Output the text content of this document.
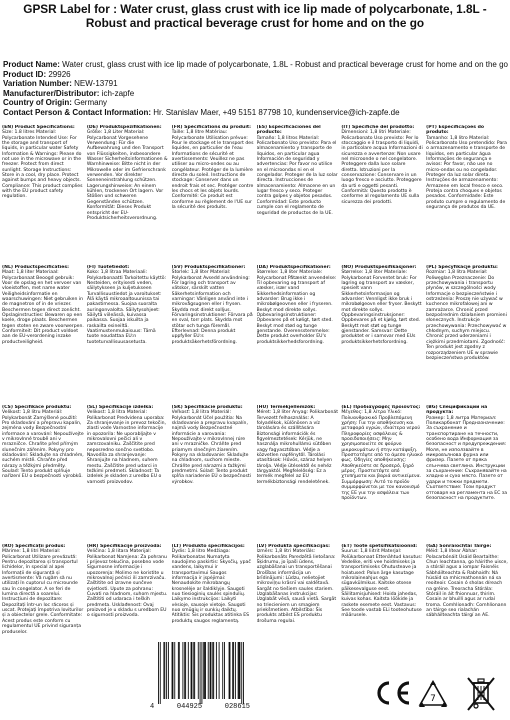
GPSR Label for : Water crust, glass crust with ice lip made of polycarbonate, 1.8L - Robust and practical beverage crust for home and on the go
Product Name: Water crust, glass crust with ice lip made of polycarbonate, 1.8L - Robust and practical beverage crust for home and on the go
Product ID: 29926
Variation Number: NEW-13791
Manufacturer/Distributor: ich-zapfe
Country of Origin: Germany
Contact Person & Contact Information: Hr. Stanislav Maer, +49 5151 87798 10, kundenservice@ich-zapfe.de
(EN) Product Specifications:
Size: 1.8 litres Material: Polycarbonate Intended Use: For the storage and transport of liquids, in particular water Safety Information & Warnings: Please do not use in the microwave or in the freezer. Protect from direct sunlight. Storage Instructions: Store in a cool, dry place. Protect against bumps and heavy objects. Compliance: This product complies with the EU product safety regulation.
(DE) Produktspezifikationen:
Größe: 1,8 Liter Material: Polycarbonat Vorgesehene Verwendung: Für die Aufbewahrung und den Transport von Flüssigkeiten, insbesondere Wasser Sicherheitsinformationen & Warnhinweise: Bitte nicht in der Mikrowelle oder im Gefrierschrank verwenden. Vor direkter Sonneneinstrahlung schützen. Lagerungshinweise: An einem kühlen, trockenen Ort lagern. Vor Stößen und schweren Gegenständen schützen. Konformität: Dieses Produkt entspricht der EU-Produktsicherheitsverordnung.
(FR) Spécifications du produit:
Taille: 1,8 litre Matériau: Polycarbonate Utilisation prévue: Pour le stockage et le transport des liquides, en particulier de l'eau Informations de sécurité et avertissements: Veuillez ne pas utiliser au micro-ondes ou au congélateur. Protéger de la lumière directe du soleil. Instructions de stockage: Conserver dans un endroit frais et sec. Protéger contre les chocs et les objets lourds. Conformité: Ce produit est conforme au règlement de l'UE sur la sécurité des produits.
(ES) Especificaciones del producto:
Tamaño: 1,8 litros Material: Policarbonato Uso previsto: Para el almacenamiento y transporte de líquidos, en particular agua Información de seguridad y advertencias: Por favor no utilice en el microondas ni en el congelador. Proteger de la luz solar directa. Instrucciones de almacenamiento: Almacene en un lugar fresco y seco. Proteger contra golpes y objetos pesados. Conformidad: Este producto cumple con el reglamento de seguridad de productos de la UE.
(IT) Specifiche del prodotto:
Dimensioni: 1,8 litri Materiale: Policarbonato Uso previsto: Per lo stoccaggio e il trasporto di liquidi, in particolare acqua Informazioni di sicurezza e avvertenze: Non usare nel microonde o nel congelatore. Proteggere dalla luce solare diretta. Istruzioni per la conservazione: Conservare in un luogo fresco e asciutto. Proteggere da urti e oggetti pesanti. Conformità: Questo prodotto è conforme al regolamento UE sulla sicurezza dei prodotti.
(PT) Especificações do produto:
Tamanho: 1,8 litro Material: Policarbonato Uso pretendido: Para o armazenamento e transporte de líquidos, em particular água Informações de segurança e avisos: Por favor, não use no micro-ondas ou no congelador. Proteger da luz solar direta. Instruções de armazenamento: Armazene em local fresco e seco. Proteja contra choques e objetos pesados. Conformidade: Este produto cumpre o regulamento de segurança de produtos da UE.
(NL) Productspecificaties:
Maat: 1,8 liter Materiaal: Polycarbonaat Beoogd gebruik: Voor de opslag en het vervoer van vloeistoffen, met name water Veiligheidsinformatie en waarschuwingen: Niet gebruiken in de magnetron of in de vriezer. Beschermen tegen direct zonlicht. Opslaginstructies: Bewaren op een koele, droge plaats. Beschermen tegen stoten en zware voorwerpen. Conformiteit: Dit product voldoet aan de EU-verordening inzake productveiligheid.
(FI) Tuotetiedot:
Koko: 1,8 litraa Materiaali: Polykarbonaatti Tarkoitettu käyttö: Nesteiden, erityisesti veden, säilytykseen ja kuljetukseen Turvallisuustiedot ja varoitukset: Älä käytä mikroaaltouunissa tai pakastimessa. Suojaa suoralta auringonvalolta. Säilytysohjeet: Säilytä viileässä, kuivassa paikassa. Suojaa iskuilta ja raskailta esineiltä. Vaatimustenmukaisuus: Tämä tuote noudattaa EU:n tuoteturvallisuusasetusta.
(SV) Produktspecifikationer:
Storlek: 1,8 liter Material: Polykarbonat Avsedd användning: För lagring och transport av vätskor, särskilt vatten Säkerhetsinformation och varningar: Vänligen använd inte i mikrovågsugnen eller i frysen. Skydda mot direkt solljus. Förvaringsinstruktioner: Förvara på en sval, torr plats. Skydda mot stötar och tunga föremål. Efterlevnad: Denna produkt uppfyller EU:s produktsäkerhetsförordning.
(DA) Produktspecifikationer:
Størrelse: 1,8 liter Materiale: Polycarbonat Påtænkt anvendelse: Til opbevaring og transport af væsker, især vand Sikkerhedsinformation og advarsler: Brug ikke i mikrobølgeovnen eller i fryseren. Beskyt mod direkte sollys. Opbevaringsinstruktioner: Opbevares på et køligt, tørt sted. Beskyt mod stød og tunge genstande. Overensstemmelse: Dette produkt overholder EU's produktsikkerhedsforordning.
(NO) Produktspesifikasjoner:
Størrelse: 1,8 liter Materiale: Polykarbonat Forventet bruk: For lagring og transport av væsker, spesielt vann Sikkerhetsinformasjon og advarsler: Vennligst ikke bruk i mikrobølgeovn eller fryser. Beskytt mot direkte sollys. Oppbevaringsinstruksjoner: Oppbevares på et kjølig, tørt sted. Beskytt mot støt og tunge gjenstander. Samsvar: Dette produktet er i samsvar med EUs produktsikkerhetsforordning.
(PL) Specyfikacje produktu:
Rozmiar: 1,8 litra Materiał: Poliwęglan Przeznaczenie: Do przechowywania i transportu płynów, w szczególności wody Informacje o bezpieczeństwie i ostrzeżenia: Proszę nie używać w kuchence mikrofalowej ani w zamrażarce. Chronić przed bezpośrednim działaniem promieni słonecznych. Instrukcje przechowywania: Przechowywać w chłodnym, suchym miejscu. Chronić przed uderzeniami i ciężkimi przedmiotami. Zgodność: Ten produkt jest zgodny z rozporządzeniem UE w sprawie bezpieczeństwa produktów.
(CS) Specifikace produktu:
Velikost: 1,8 litru Materiál: Polykarbonát Zamýšlené použití: Pro skladování a přepravu kapalin, zejména vody Bezpečnostní informace a varování: Nepoužívejte v mikrovlnné troubě ani v mrazničce. Chraňte před přímým slunečním zářením. Pokyny pro skladování: Skladujte na chladném, suchém místě. Chraňte před nárazy a těžkými předměty. Soulad: Tento produkt splňuje nařízení EU o bezpečnosti výrobků.
(SL) Specifikacije izdelka:
Velikost: 1,8 litra Material: Polikarbonat Predvidena uporaba: Za shranjevanje in prevoz tekočin, zlasti vode Varnostne informacije in opozorila: Ne uporabljajte v mikrovalovni pečici ali v zamrzovalniku. Zaščitite pred neposredno sončno svetlobo. Navodila za shranjevanje: Shranjujte na hladnem, suhem mestu. Zaščitite pred udarci in težkimi predmeti. Skladnost: Ta izdelek je skladen z uredbo EU o varnosti proizvodov.
(SK) Špecifikácie produktu:
Veľkosť: 1,8 litra Materiál: Polykarbonát Účel použitia: Na skladovanie a prepravu kvapalín, najmä vody Bezpečnostné informácie a varovania: Nepoužívajte v mikrovlnnej rúre ani v mrazničke. Chráňte pred priamym slnečným žiarením. Pokyny na skladovanie: Skladujte na chladnom, suchom mieste. Chráňte pred nárazmi a ťažkými predmetmi. Súlad: Tento produkt spĺňa nariadenie EÚ o bezpečnosti výrobkov.
(HU) Termékjellemzők:
Méret: 1,8 liter Anyag: Polikarbonát Tervezett felhasználás: A folyadékok, különösen a víz tárolására és szállítására Biztonsági információk és figyelmeztetések: Kérjük, ne használja mikrohullámú sütőben vagy fagyasztóban. Védje a közvetlen napfénytől. Tárolási utasítások: Hűvös, száraz helyen tárolja. Védje ütésektől és nehéz tárgyaktól. Megfelelőség: Ez a termék megfelel az EU termékbiztonsági rendeletének.
(EL) Προδιαγραφές προϊόντος:
Μέγεθος: 1,8 λίτρα Υλικό: Πολυανθρακικό Προβλεπόμενη χρήση: Για την αποθήκευση και μεταφορά υγρών, ιδιαίτερα νερού Πληροφορίες ασφάλειας & προειδοποιήσεις: Μην χρησιμοποιείτε σε φούρνο μικροκυμάτων ή στην κατάψυξη. Προστατέψτε από το άμεσο ηλιακό φως. Οδηγίες αποθήκευσης: Αποθηκεύστε σε δροσερό, ξηρό μέρος. Προστατέψτε από χτυπήματα και βαριά αντικείμενα. Συμμόρφωση: Αυτό το προϊόν συμμορφώνεται με τον κανονισμό της ΕΕ για την ασφάλεια των προϊόντων.
(BG) Спецификации на продукта:
Размер: 1,8 литра Материал: Поликарбонат Предназначение: За съхранение и транспортиране на течности, особено вода Информация за безопасност и предупреждения: Моля, не използвайте в микровълнова фурна или фризер. Пазете от пряка слънчева светлина. Инструкции за съхранение: Съхранявайте на хладно и сухо място. Пазете от удари и тежки предмети. Съответствие: Този продукт отговаря на регламента на ЕС за безопасност на продуктите.
(RO) Specificații produs:
Mărime: 1,8 litri Material: Policarbonat Utilizare prevăzută: Pentru depozitarea și transportul lichidelor, în special al apei Informații de siguranță și avertismente: Vă rugăm să nu utilizați în cuptorul cu microunde sau în congelator. A se feri de lumina directă a soarelui. Instrucțiuni de depozitare: Depozitați într-un loc răcoros și uscat. Protejați împotriva loviturilor și a obiectelor grele. Conformitate: Acest produs este conform cu regulamentul UE privind siguranța produselor.
(HR) Specifikacije proizvoda:
Veličina: 1,8 litara Materijal: Polikarbonat Namjena: Za pohranu i prijevoz tekućina, posebno vode Sigurnosne informacije i upozorenja: Molimo ne koristite u mikrovalnoj pećnici ili zamrzivaču. Zaštitite od izravne sunčeve svjetlosti. Upute za pohranu: Čuvati na hladnom, suhom mjestu. Zaštititi od udaraca i teških predmeta. Usklađenost: Ovaj proizvod je u skladu s uredbom EU o sigurnosti proizvoda.
(LT) Produkto specifikacijos:
Dydis: 1,8 litro Medžiaga: Polikarbonatas Numatyta naudojimo paskirtis: Skysčių, ypač vandens, laikymui ir transportavimui Saugos informacija ir įspėjimai: Nenaudokite mikrobangų krosnelėje ar šaldiklyje. Saugoti nuo tiesioginių saulės spindulių. Laikymo instrukcijos: Laikyti vėsioje, sausoje vietoje. Saugoti nuo smūgių ir sunkių daiktų. Atitiktis: Šis produktas atitinka ES produktų saugos reglamentą.
(LV) Produkta specifikācijas:
Izmērs: 1,8 litri Materiāls: Polikarbonāts Paredzētā lietošana: Šķidrumu, jo īpaši ūdens, uzglabāšanai un transportēšanai Drošības informācija un brīdinājumi: Lūdzu, nelietojiet mikroviļņu krāsnī vai saldētavā. Sargāt no tiešiem saules stariem. Uzglabāšanas instrukcijas: Uzglabāt vēsā, sausā vietā. Sargāt no triecieniem un smagiem priekšmetiem. Atbilstība: Šis produkts atbilst ES produktu drošuma regulai.
(ET) Toote spetsifikatsioonid:
Suurus: 1,8 liitrit Materjal: Polükarbonaat Ettenähtud kasutus: Vedelike, eriti vee hoidmiseks ja transportimiseks Ohutusteave ja hoiatused: Palun ärge kasutage mikrolaineahjus ega sügavkülmikus. Kaitske otsese päikesevalguse eest. Säilitamisjuhised: Hoida jahedas, kuivas kohas. Kaitsta löökide ja raskete esemete eest. Vastavus: See toode vastab ELi tooteohutuse määrusele.
(GA) Sonraíochtaí Táirge:
Méid: 1,8 lítear Ábhar: Polacarbónáit Úsáid Beartaithe: Chun leachtanna, go háirithe uisce, a stóráil agus a iompar Faisnéis Sábháilteachta & Rabhaidh: Ná húsáid sa mhicreathonnán ná sa reoiteoir. Cosain ó sholas díreach na gréine. Treoracha Stórála: Stóráil in áit fhionnuar, thirim. Cosain ar bhuillí agus ar rudaí troma. Comhlíonadh: Comhlíonann an táirge seo rialachán sábháilteachta táirgí an AE.
4	044925	028615
7
